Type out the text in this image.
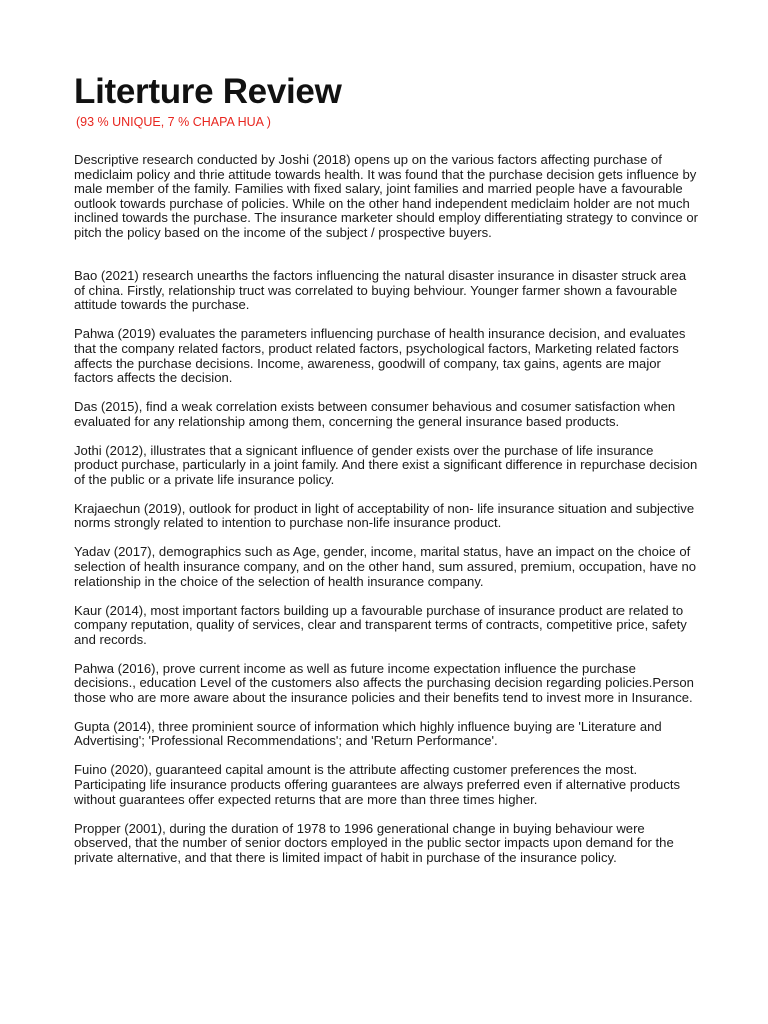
Literture Review

(93 % UNIQUE, 7 % CHAPA HUA )

Descriptive research conducted by Joshi (2018) opens up on the various factors affecting purchase of mediclaim policy and thrie attitude towards health. It was found that the purchase decision gets influence by male member of the family. Families with fixed salary, joint families and married people have a favourable outlook towards purchase of policies. While on the other hand independent mediclaim holder are not much inclined towards the purchase. The insurance marketer should employ differentiating strategy to convince or pitch the policy based on the income of the subject / prospective buyers.

Bao (2021) research unearths the factors influencing the natural disaster insurance in disaster struck area of china. Firstly, relationship truct was correlated to buying behviour. Younger farmer shown a favourable attitude towards the purchase.

Pahwa (2019) evaluates the parameters influencing purchase of health insurance decision, and evaluates that the company related factors, product related factors, psychological factors, Marketing related factors affects the purchase decisions. Income, awareness, goodwill of company, tax gains, agents are major factors affects the decision.

Das (2015), find a weak correlation exists between consumer behavious and cosumer satisfaction when evaluated for any relationship among them, concerning the general insurance based products.

Jothi (2012), illustrates that a signicant influence of gender exists over the purchase of life insurance product purchase, particularly in a joint family. And there exist a significant difference in repurchase decision of the public or a private life insurance policy.

Krajaechun (2019), outlook for product in light of acceptability of non- life insurance situation and subjective norms strongly related to intention to purchase non-life insurance product.

Yadav (2017), demographics such as Age, gender, income, marital status, have an impact on the choice of selection of health insurance company, and on the other hand, sum assured, premium, occupation, have no relationship in the choice of the selection of health insurance company.

Kaur (2014), most important factors building up a favourable purchase of insurance product are related to company reputation, quality of services, clear and transparent terms of contracts, competitive price, safety and records.

Pahwa (2016), prove current income as well as future income expectation influence the purchase decisions., education Level of the customers also affects the purchasing decision regarding policies.Person those who are more aware about the insurance policies and their benefits tend to invest more in Insurance.

Gupta (2014), three prominient source of information which highly influence buying are 'Literature and Advertising'; 'Professional Recommendations'; and 'Return Performance'.

Fuino (2020), guaranteed capital amount is the attribute affecting customer preferences the most. Participating life insurance products offering guarantees are always preferred even if alternative products without guarantees offer expected returns that are more than three times higher.

Propper (2001), during the duration of 1978 to 1996 generational change in buying behaviour were observed, that the number of senior doctors employed in the public sector impacts upon demand for the private alternative, and that there is limited impact of habit in purchase of the insurance policy.
